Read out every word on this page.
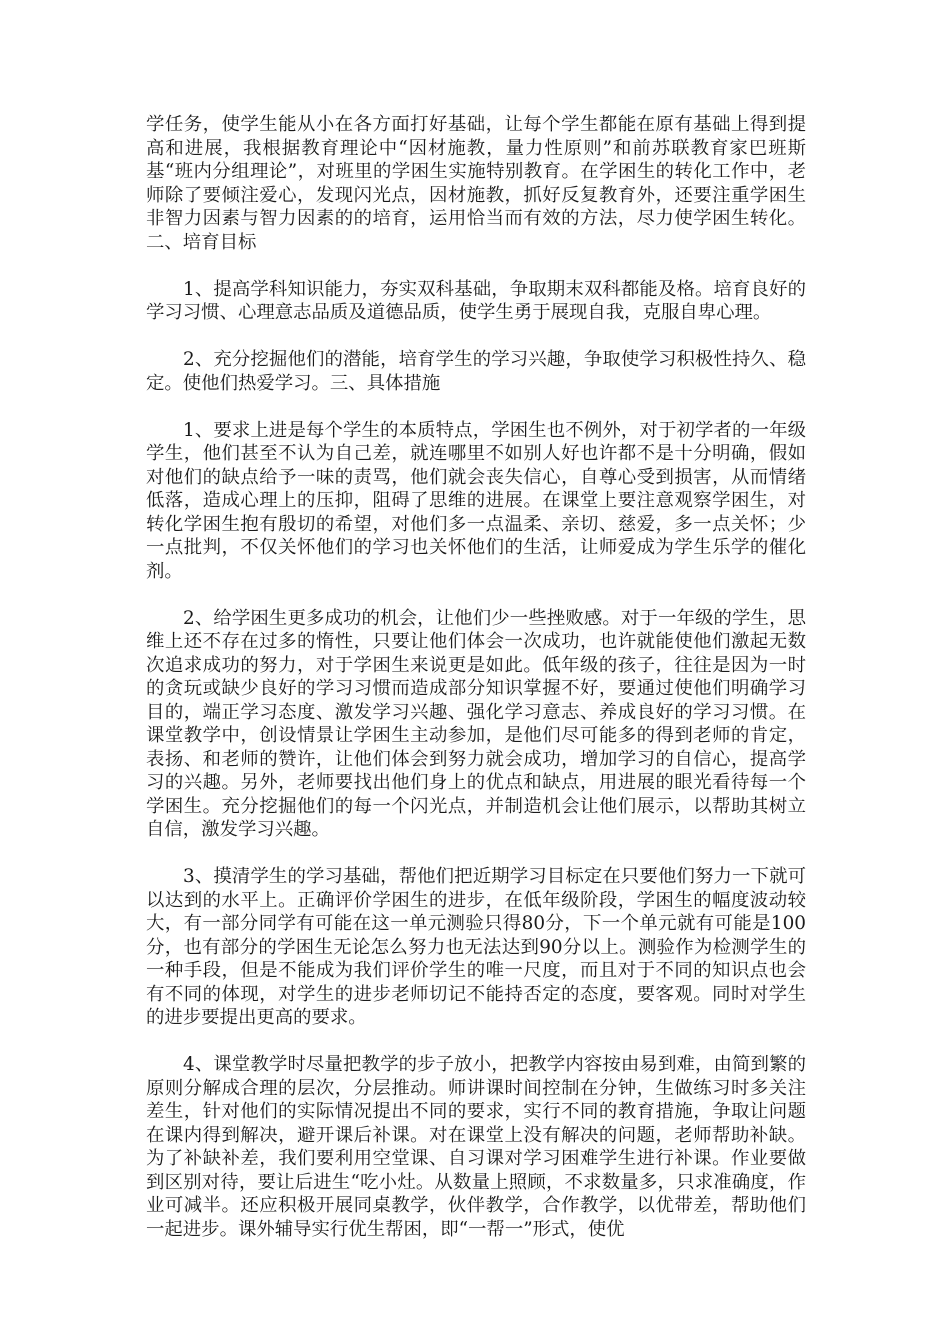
学任务，使学生能从小在各方面打好基础，让每个学生都能在原有基础上得到提高和进展，我根据教育理论中“因材施教，量力性原则”和前苏联教育家巴班斯基“班内分组理论”，对班里的学困生实施特别教育。在学困生的转化工作中，老师除了要倾注爱心，发现闪光点，因材施教，抓好反复教育外，还要注重学困生非智力因素与智力因素的的培育，运用恰当而有效的方法，尽力使学困生转化。二、培育目标

1、提高学科知识能力，夯实双科基础，争取期末双科都能及格。培育良好的学习习惯、心理意志品质及道德品质，使学生勇于展现自我，克服自卑心理。

2、充分挖掘他们的潜能，培育学生的学习兴趣，争取使学习积极性持久、稳定。使他们热爱学习。三、具体措施

1、要求上进是每个学生的本质特点，学困生也不例外，对于初学者的一年级学生，他们甚至不认为自己差，就连哪里不如别人好也许都不是十分明确，假如对他们的缺点给予一味的责骂，他们就会丧失信心，自尊心受到损害，从而情绪低落，造成心理上的压抑，阻碍了思维的进展。在课堂上要注意观察学困生，对转化学困生抱有殷切的希望，对他们多一点温柔、亲切、慈爱，多一点关怀；少一点批判，不仅关怀他们的学习也关怀他们的生活，让师爱成为学生乐学的催化剂。

2、给学困生更多成功的机会，让他们少一些挫败感。对于一年级的学生，思维上还不存在过多的惰性，只要让他们体会一次成功，也许就能使他们激起无数次追求成功的努力，对于学困生来说更是如此。低年级的孩子，往往是因为一时的贪玩或缺少良好的学习习惯而造成部分知识掌握不好，要通过使他们明确学习目的，端正学习态度、激发学习兴趣、强化学习意志、养成良好的学习习惯。在课堂教学中，创设情景让学困生主动参加，是他们尽可能多的得到老师的肯定，表扬、和老师的赞许，让他们体会到努力就会成功，增加学习的自信心，提高学习的兴趣。另外，老师要找出他们身上的优点和缺点，用进展的眼光看待每一个学困生。充分挖掘他们的每一个闪光点，并制造机会让他们展示，以帮助其树立自信，激发学习兴趣。

3、摸清学生的学习基础，帮他们把近期学习目标定在只要他们努力一下就可以达到的水平上。正确评价学困生的进步，在低年级阶段，学困生的幅度波动较大，有一部分同学有可能在这一单元测验只得80分，下一个单元就有可能是100分，也有部分的学困生无论怎么努力也无法达到90分以上。测验作为检测学生的一种手段，但是不能成为我们评价学生的唯一尺度，而且对于不同的知识点也会有不同的体现，对学生的进步老师切记不能持否定的态度，要客观。同时对学生的进步要提出更高的要求。

4、课堂教学时尽量把教学的步子放小，把教学内容按由易到难，由简到繁的原则分解成合理的层次，分层推动。师讲课时间控制在分钟，生做练习时多关注差生，针对他们的实际情况提出不同的要求，实行不同的教育措施，争取让问题在课内得到解决，避开课后补课。对在课堂上没有解决的问题，老师帮助补缺。为了补缺补差，我们要利用空堂课、自习课对学习困难学生进行补课。作业要做到区别对待，要让后进生“吃小灶。从数量上照顾，不求数量多，只求准确度，作业可减半。还应积极开展同桌教学，伙伴教学，合作教学，以优带差，帮助他们一起进步。课外辅导实行优生帮困，即“一帮一”形式，使优
